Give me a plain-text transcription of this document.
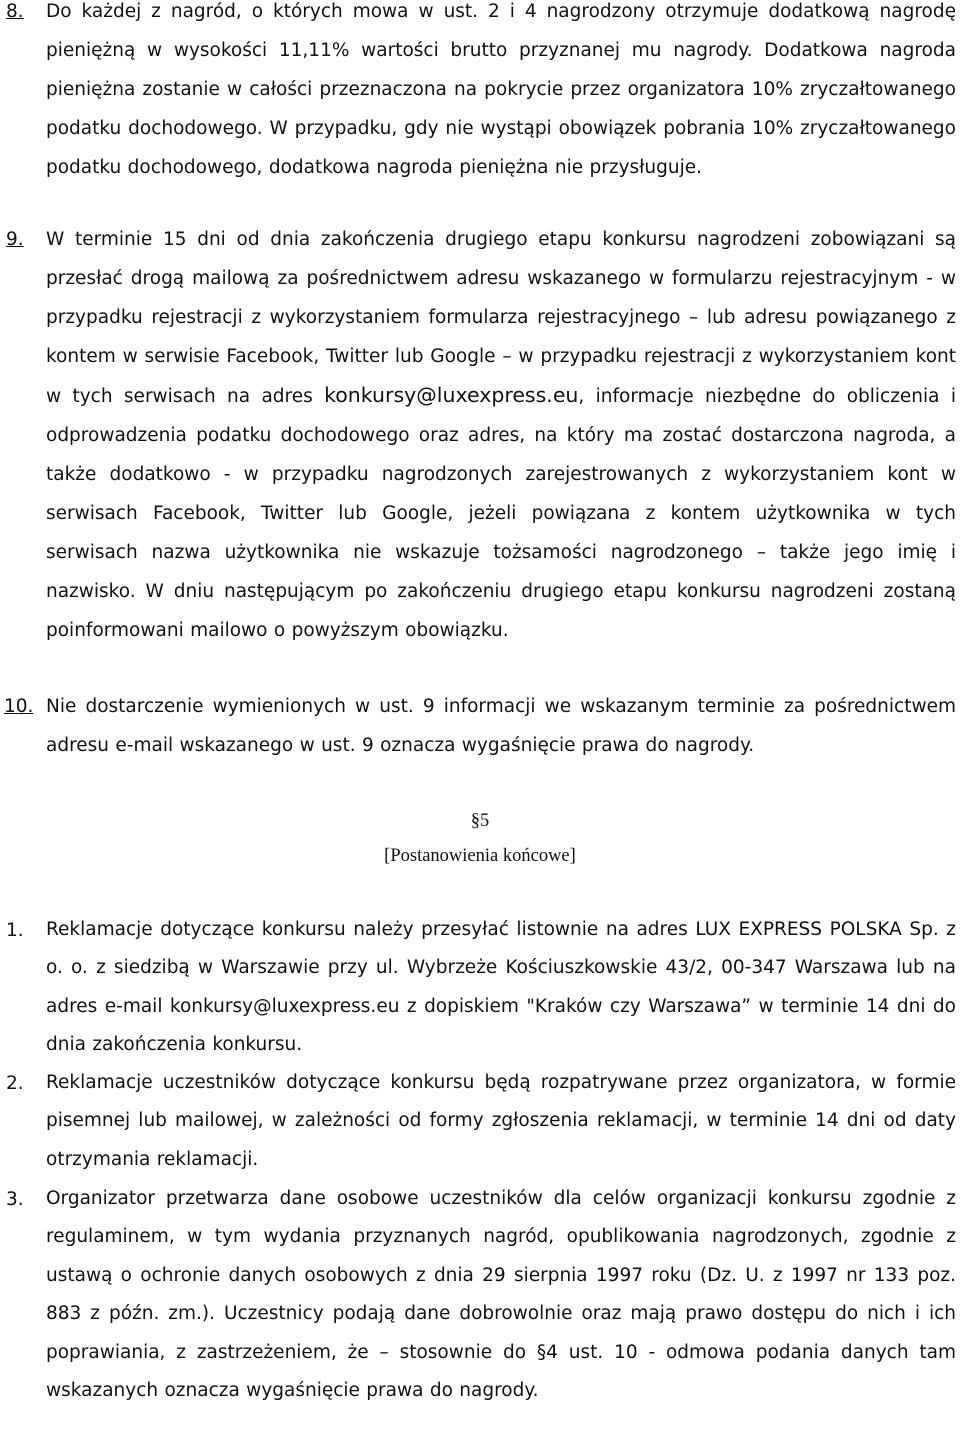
8. Do każdej z nagród, o których mowa w ust. 2 i 4 nagrodzony otrzymuje dodatkową nagrodę pieniężną w wysokości 11,11% wartości brutto przyznanej mu nagrody. Dodatkowa nagroda pieniężna zostanie w całości przeznaczona na pokrycie przez organizatora 10% zryczałtowanego podatku dochodowego. W przypadku, gdy nie wystąpi obowiązek pobrania 10% zryczałtowanego podatku dochodowego, dodatkowa nagroda pieniężna nie przysługuje.
9. W terminie 15 dni od dnia zakończenia drugiego etapu konkursu nagrodzeni zobowiązani są przesłać drogą mailową za pośrednictwem adresu wskazanego w formularzu rejestracyjnym - w przypadku rejestracji z wykorzystaniem formularza rejestracyjnego – lub adresu powiązanego z kontem w serwisie Facebook, Twitter lub Google – w przypadku rejestracji z wykorzystaniem kont w tych serwisach na adres konkursy@luxexpress.eu, informacje niezbędne do obliczenia i odprowadzenia podatku dochodowego oraz adres, na który ma zostać dostarczona nagroda, a także dodatkowo - w przypadku nagrodzonych zarejestrowanych z wykorzystaniem kont w serwisach Facebook, Twitter lub Google, jeżeli powiązana z kontem użytkownika w tych serwisach nazwa użytkownika nie wskazuje tożsamości nagrodzonego – także jego imię i nazwisko. W dniu następującym po zakończeniu drugiego etapu konkursu nagrodzeni zostaną poinformowani mailowo o powyższym obowiązku.
10. Nie dostarczenie wymienionych w ust. 9 informacji we wskazanym terminie za pośrednictwem adresu e-mail wskazanego w ust. 9 oznacza wygaśnięcie prawa do nagrody.
§5
[Postanowienia końcowe]
1. Reklamacje dotyczące konkursu należy przesyłać listownie na adres LUX EXPRESS POLSKA Sp. z o. o. z siedzibą w Warszawie przy ul. Wybrzeże Kościuszkowskie 43/2, 00-347 Warszawa lub na adres e-mail konkursy@luxexpress.eu z dopiskiem "Kraków czy Warszawa” w terminie 14 dni do dnia zakończenia konkursu.
2. Reklamacje uczestników dotyczące konkursu będą rozpatrywane przez organizatora, w formie pisemnej lub mailowej, w zależności od formy zgłoszenia reklamacji, w terminie 14 dni od daty otrzymania reklamacji.
3. Organizator przetwarza dane osobowe uczestników dla celów organizacji konkursu zgodnie z regulaminem, w tym wydania przyznanych nagród, opublikowania nagrodzonych, zgodnie z ustawą o ochronie danych osobowych z dnia 29 sierpnia 1997 roku (Dz. U. z 1997 nr 133 poz. 883 z późn. zm.). Uczestnicy podają dane dobrowolnie oraz mają prawo dostępu do nich i ich poprawiania, z zastrzeżeniem, że – stosownie do §4 ust. 10 - odmowa podania danych tam wskazanych oznacza wygaśnięcie prawa do nagrody.
